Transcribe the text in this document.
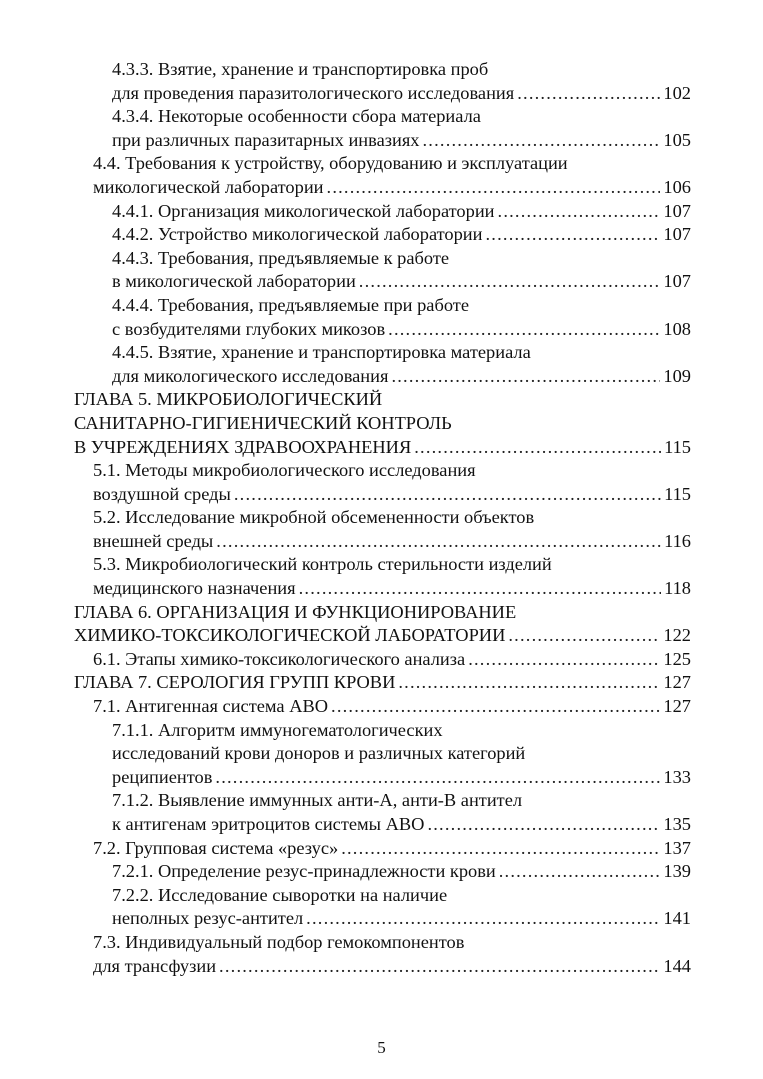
4.3.3. Взятие, хранение и транспортировка проб
для проведения паразитологического исследования .....	102
4.3.4. Некоторые особенности сбора материала
при различных паразитарных инвазиях .....	105
4.4. Требования к устройству, оборудованию и эксплуатации
микологической лаборатории .....	106
4.4.1. Организация микологической лаборатории .....	107
4.4.2. Устройство микологической лаборатории .....	107
4.4.3. Требования, предъявляемые к работе
в микологической лаборатории .....	107
4.4.4. Требования, предъявляемые при работе
с возбудителями глубоких микозов .....	108
4.4.5. Взятие, хранение и транспортировка материала
для микологического исследования .....	109
ГЛАВА 5. МИКРОБИОЛОГИЧЕСКИЙ
САНИТАРНО-ГИГИЕНИЧЕСКИЙ КОНТРОЛЬ
В УЧРЕЖДЕНИЯХ ЗДРАВООХРАНЕНИЯ .....	115
5.1. Методы микробиологического исследования
воздушной среды .....	115
5.2. Исследование микробной обсемененности объектов
внешней среды .....	116
5.3. Микробиологический контроль стерильности изделий
медицинского назначения .....	118
ГЛАВА 6. ОРГАНИЗАЦИЯ И ФУНКЦИОНИРОВАНИЕ
ХИМИКО-ТОКСИКОЛОГИЧЕСКОЙ ЛАБОРАТОРИИ .....	122
6.1. Этапы химико-токсикологического анализа .....	125
ГЛАВА 7. СЕРОЛОГИЯ ГРУПП КРОВИ .....	127
7.1. Антигенная система АВО .....	127
7.1.1. Алгоритм иммуногематологических
исследований крови доноров и различных категорий
реципиентов .....	133
7.1.2. Выявление иммунных анти-А, анти-В антител
к антигенам эритроцитов системы АВО .....	135
7.2. Групповая система «резус» .....	137
7.2.1. Определение резус-принадлежности крови .....	139
7.2.2. Исследование сыворотки на наличие
неполных резус-антител .....	141
7.3. Индивидуальный подбор гемокомпонентов
для трансфузии .....	144
5
